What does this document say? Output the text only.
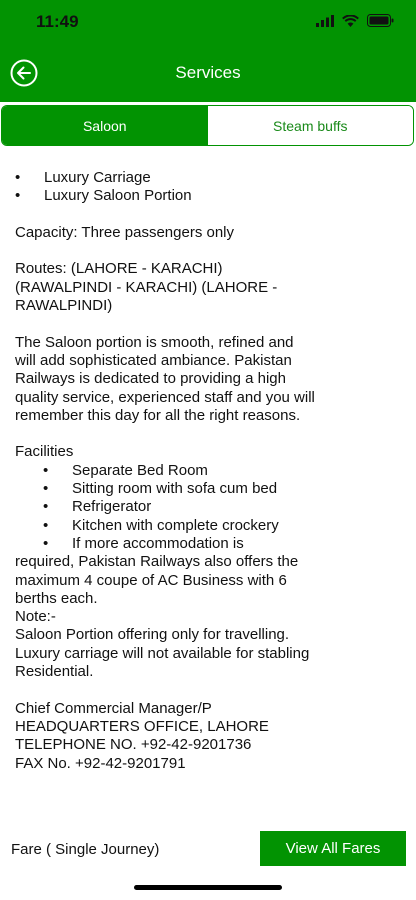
11:49
Services
Saloon	Steam buffs
• Luxury Carriage
• Luxury Saloon Portion

Capacity: Three passengers only

Routes: (LAHORE - KARACHI) (RAWALPINDI - KARACHI) (LAHORE - RAWALPINDI)

The Saloon portion is smooth, refined and will add sophisticated ambiance. Pakistan Railways is dedicated to providing a high quality service, experienced staff and you will remember this day for all the right reasons.

Facilities

• Separate Bed Room
• Sitting room with sofa cum bed
• Refrigerator
• Kitchen with complete crockery
• If more accommodation is

required, Pakistan Railways also offers the maximum 4 coupe of AC Business with 6 berths each.

Note:-

Saloon Portion offering only for travelling.

Luxury carriage will not available for stabling Residential.

Chief Commercial Manager/P

HEADQUARTERS OFFICE, LAHORE

TELEPHONE NO. +92-42-9201736

FAX No. +92-42-9201791

Fare ( Single Journey)	View All Fares
